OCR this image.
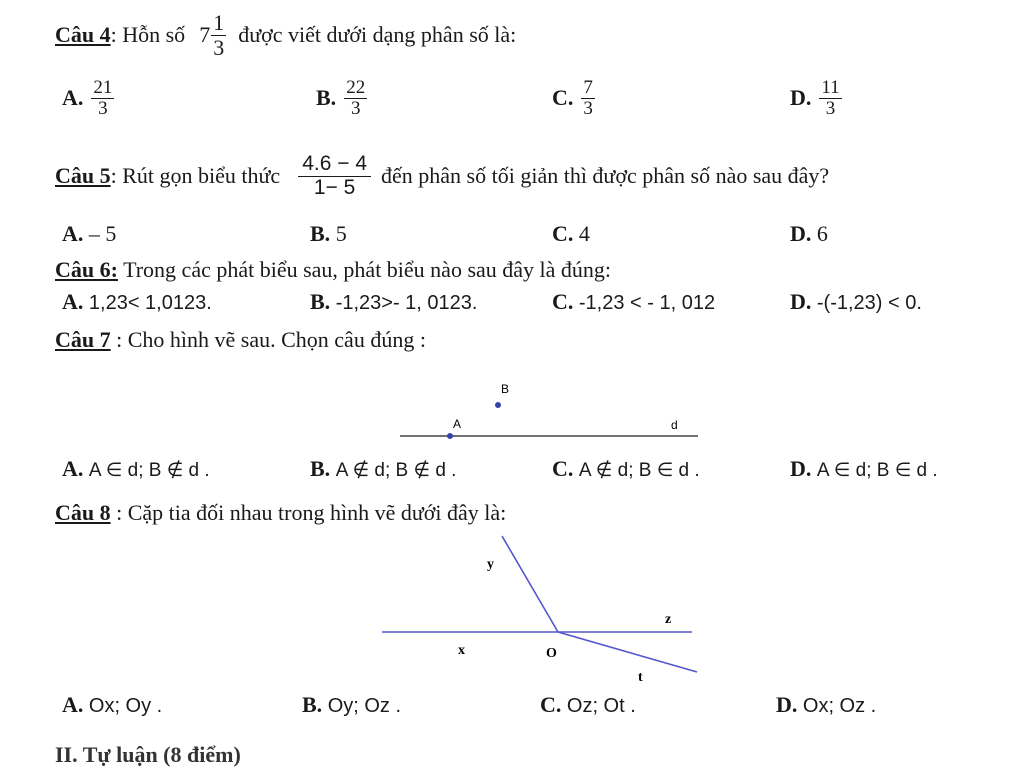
Câu 4 : Hỗn số $7 \frac{1}{3}$ được viết dưới dạng phân số là:
A. $\frac{21}{3}$	B. $\frac{22}{3}$	C. $\frac{7}{3}$	D. $\frac{11}{3}$
Câu 5 : Rút gọn biểu thức $\frac{4.6 - 4}{1- 5}$ đến phân số tối giản thì được phân số nào sau đây?
A. – 5	B. 5	C. 4	D. 6
Câu 6: Trong các phát biểu sau, phát biểu nào sau đây là đúng:
A. 1,23< 1,0123.	B. -1,23>- 1, 0123.	C. -1,23 < - 1, 012	D. -(-1,23) < 0.
Câu 7 : Cho hình vẽ sau. Chọn câu đúng :
B
A	d
A. A ∈ d; B ∉ d .	B. A ∉ d; B ∉ d .	C. A ∉ d; B ∈ d .	D. A ∈ d; B ∈ d .
Câu 8 : Cặp tia đối nhau trong hình vẽ dưới đây là:
y
z
x	O
t
A. Ox; Oy .	B. Oy; Oz .	C. Oz; Ot .	D. Ox; Oz .
II. Tự luận (8 điểm)
